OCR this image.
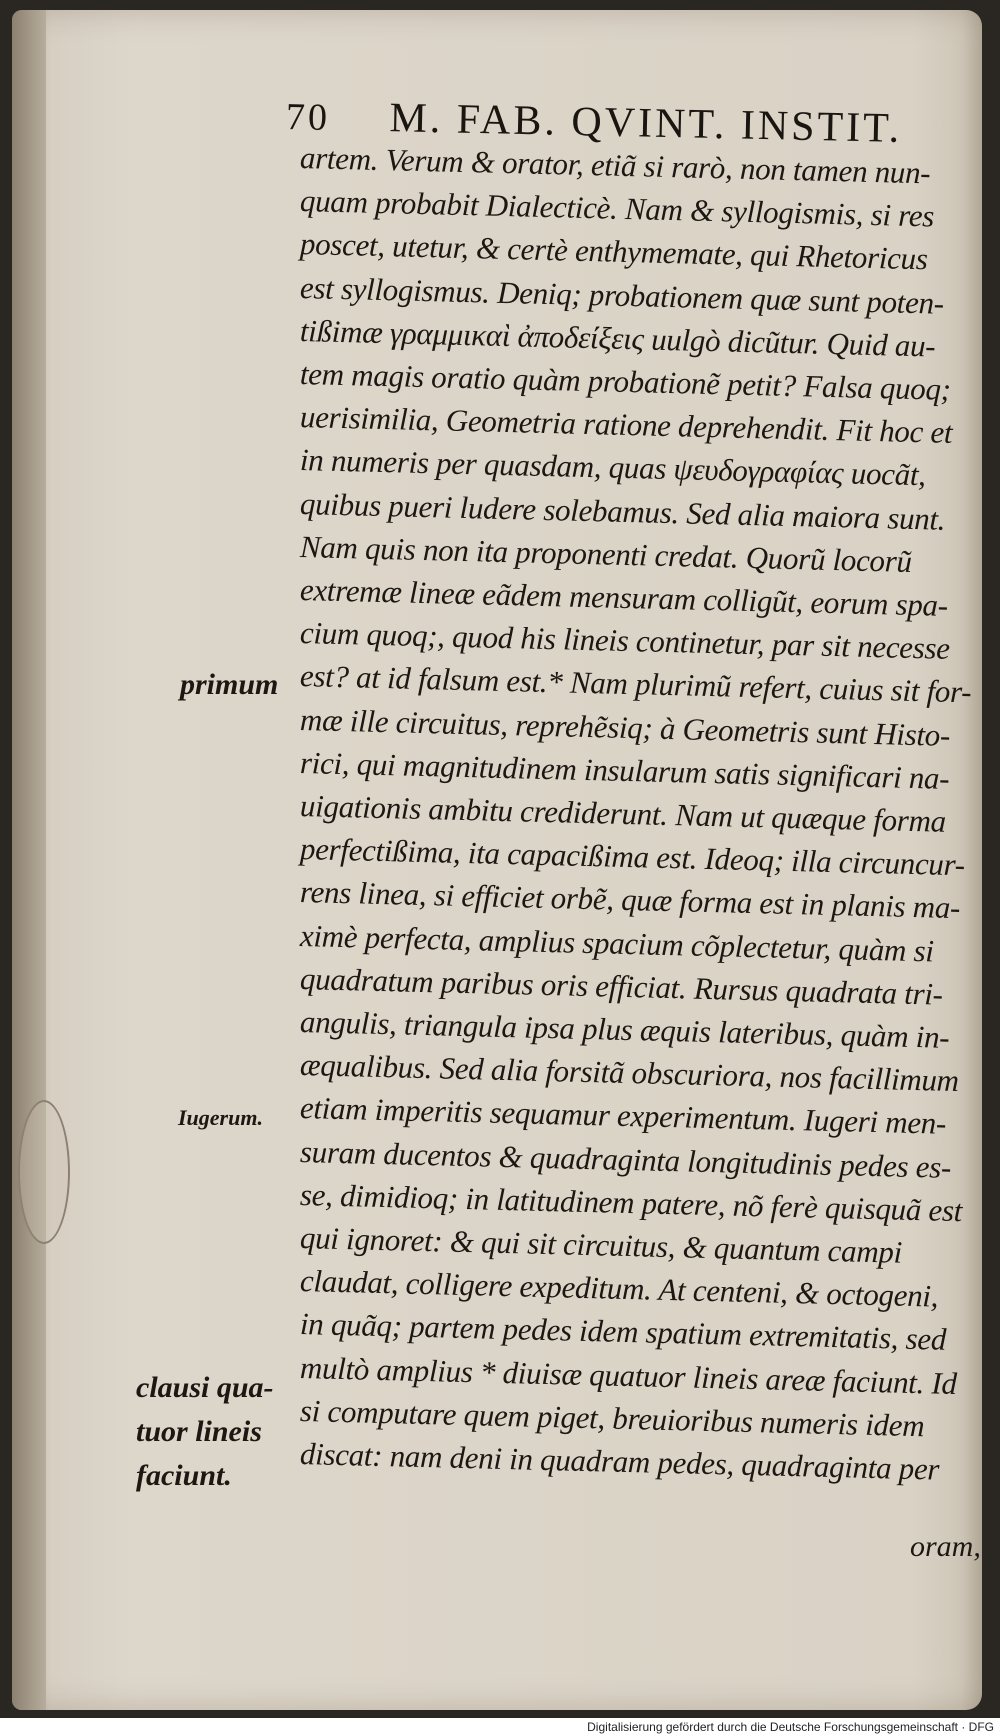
70 M. FAB. QVINT. INSTIT.
artem. Verum & orator, etiã si rarò, non tamen nun-
quam probabit Dialecticè. Nam & syllogismis, si res
poscet, utetur, & certè enthymemate, qui Rhetoricus
est syllogismus. Deniq; probationem quæ sunt poten-
tißimæ γραμμικαὶ ἀποδείξεις uulgò dicũtur. Quid au-
tem magis oratio quàm probationẽ petit? Falsa quoq;
uerisimilia, Geometria ratione deprehendit. Fit hoc et
in numeris per quasdam, quas ψευδογραφίας uocãt,
quibus pueri ludere solebamus. Sed alia maiora sunt.
Nam quis non ita proponenti credat. Quorũ locorũ
extremæ lineæ eãdem mensuram colligũt, eorum spa-
cium quoq;, quod his lineis continetur, par sit necesse
est? at id falsum est.* Nam plurimũ refert, cuius sit for-
mæ ille circuitus, reprehẽsiq; à Geometris sunt Histo-
rici, qui magnitudinem insularum satis significari na-
uigationis ambitu crediderunt. Nam ut quæque forma
perfectißima, ita capacißima est. Ideoq; illa circuncur-
rens linea, si efficiet orbẽ, quæ forma est in planis ma-
ximè perfecta, amplius spacium cõplectetur, quàm si
quadratum paribus oris efficiat. Rursus quadrata tri-
angulis, triangula ipsa plus æquis lateribus, quàm in-
æqualibus. Sed alia forsitã obscuriora, nos facillimum
etiam imperitis sequamur experimentum. Iugeri men-
suram ducentos & quadraginta longitudinis pedes es-
se, dimidioq; in latitudinem patere, nõ ferè quisquã est
qui ignoret: & qui sit circuitus, & quantum campi
claudat, colligere expeditum. At centeni, & octogeni,
in quãq; partem pedes idem spatium extremitatis, sed
multò amplius * diuisæ quatuor lineis areæ faciunt. Id
si computare quem piget, breuioribus numeris idem
discat: nam deni in quadram pedes, quadraginta per
primum
Iugerum.
clausi qua-
tuor lineis
faciunt.
oram,
Digitalisierung gefördert durch die Deutsche Forschungsgemeinschaft · DFG
